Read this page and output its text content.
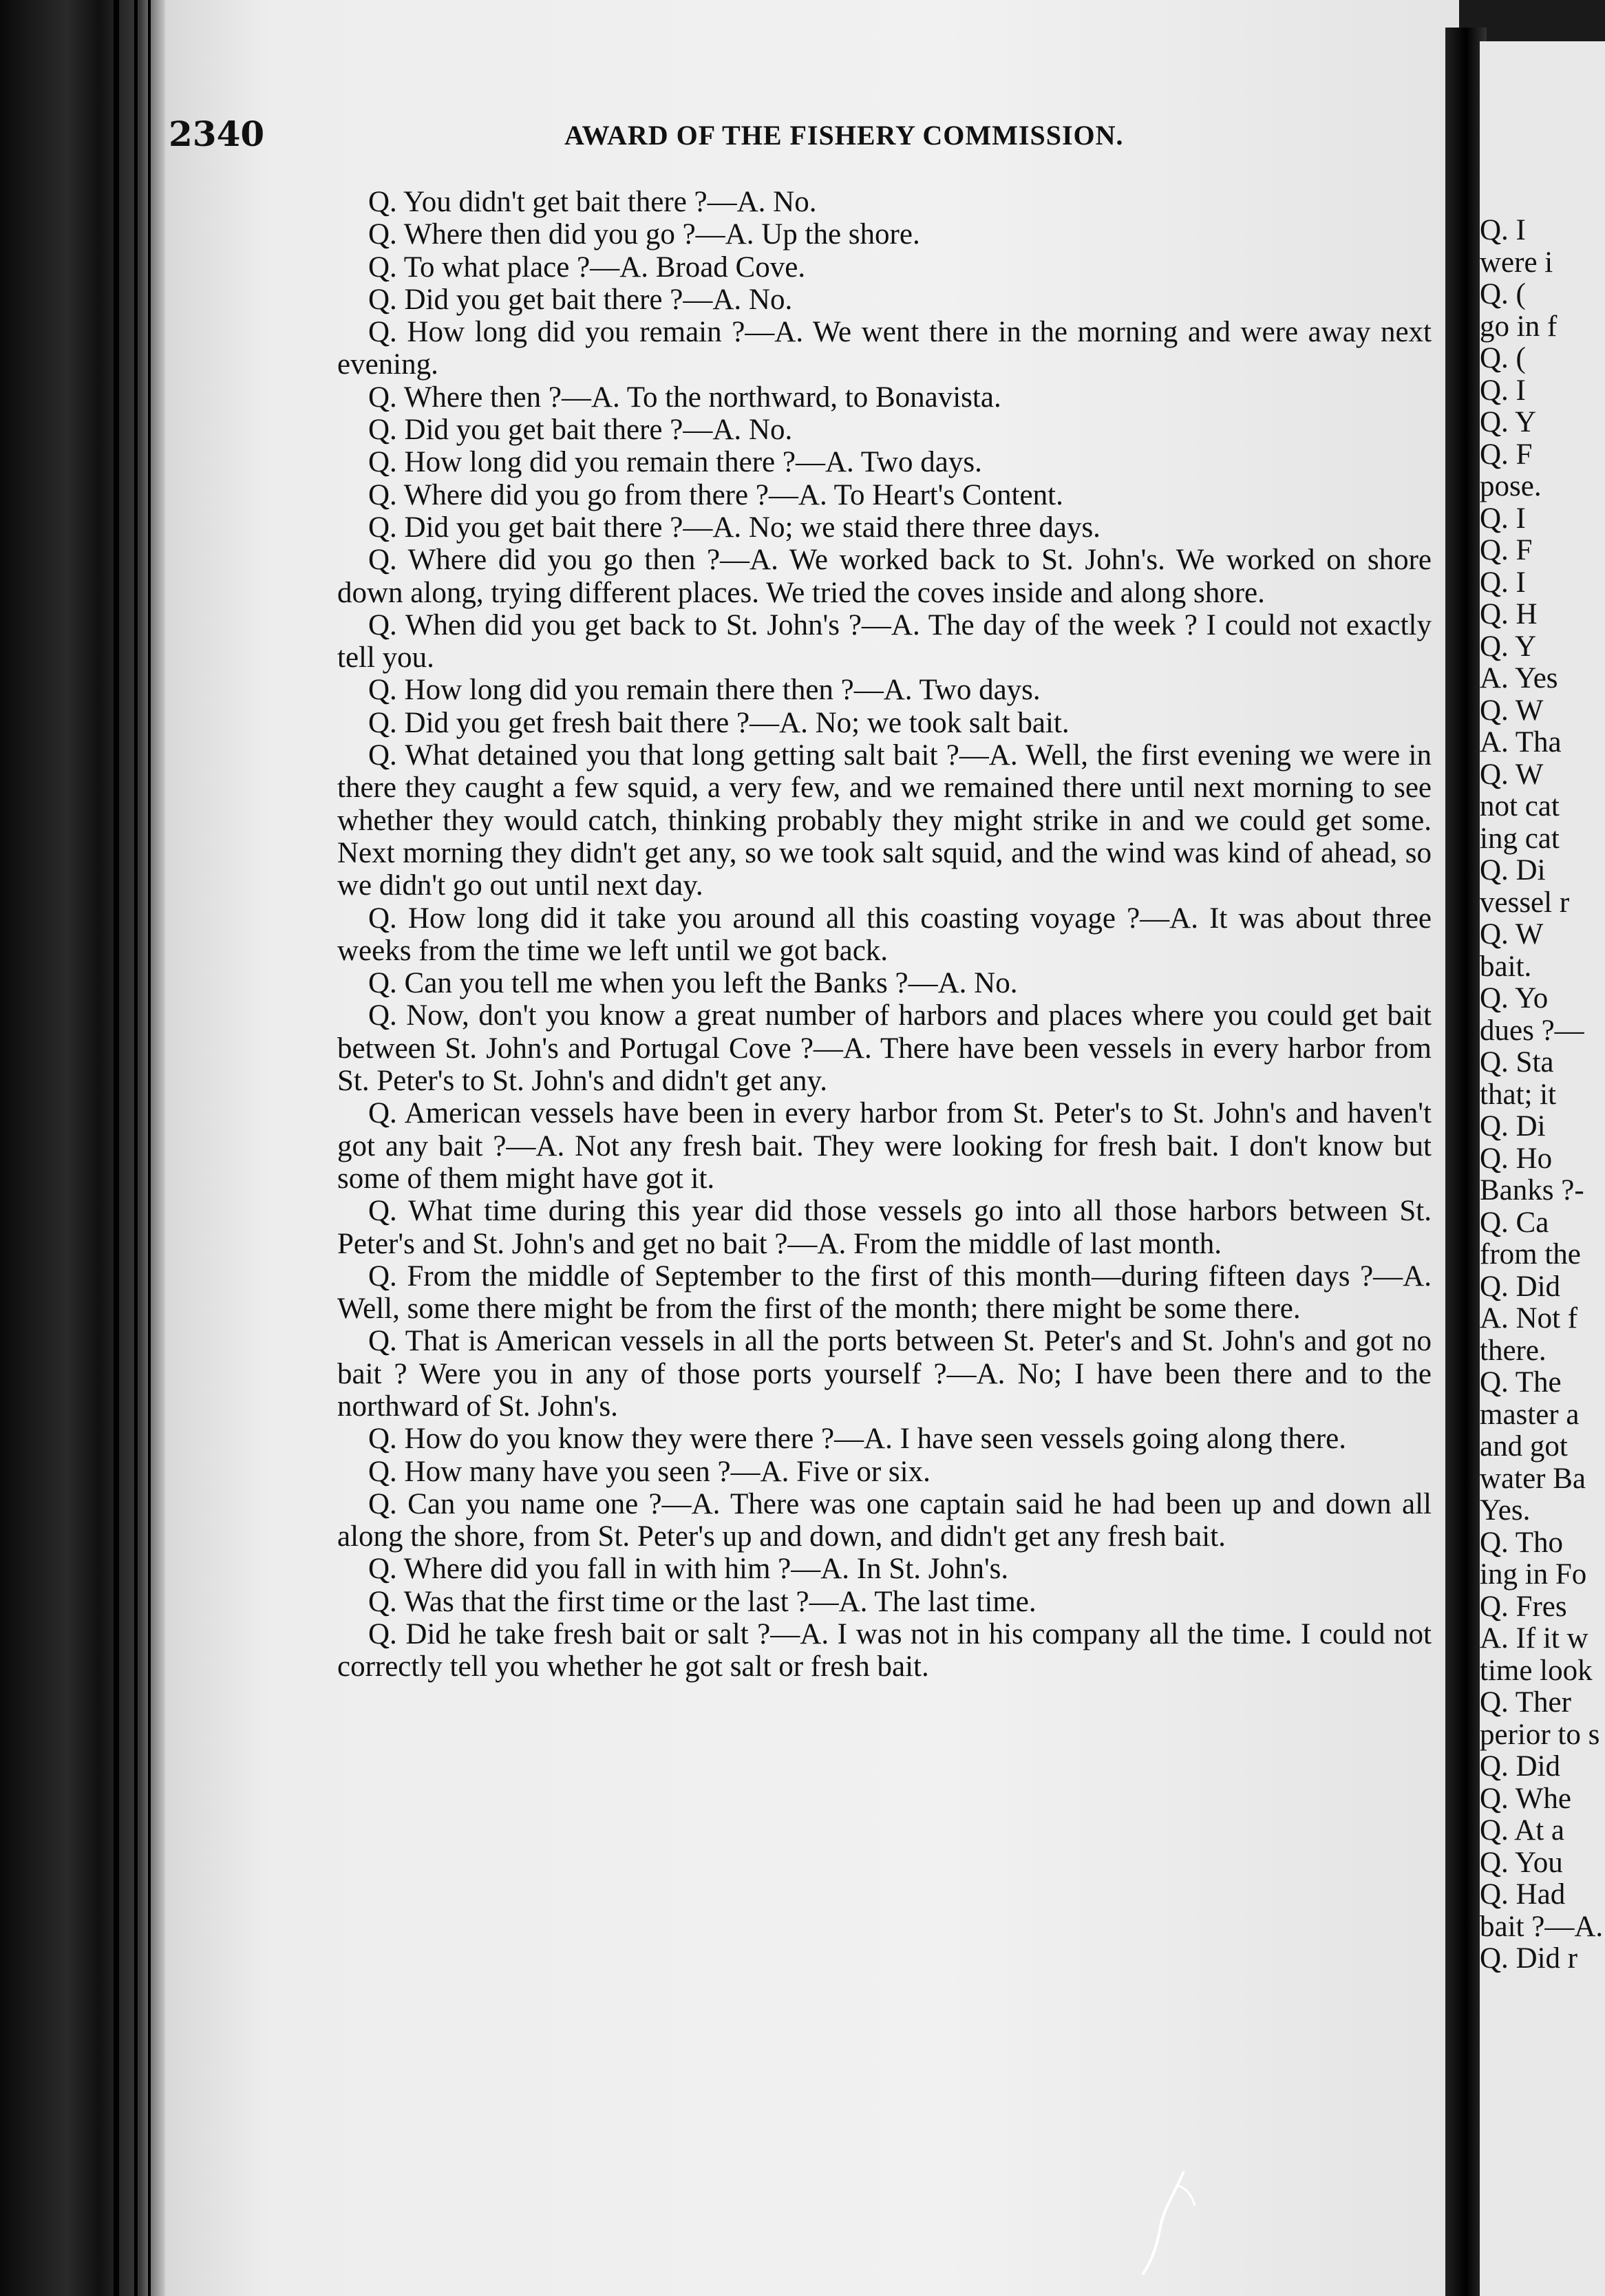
2340	AWARD OF THE FISHERY COMMISSION.

Q. You didn't get bait there ?—A. No.

Q. Where then did you go ?—A. Up the shore.

Q. To what place ?—A. Broad Cove.

Q. Did you get bait there ?—A. No.

Q. How long did you remain ?—A. We went there in the morning and were away next evening.

Q. Where then ?—A. To the northward, to Bonavista.

Q. Did you get bait there ?—A. No.

Q. How long did you remain there ?—A. Two days.

Q. Where did you go from there ?—A. To Heart's Content.

Q. Did you get bait there ?—A. No; we staid there three days.

Q. Where did you go then ?—A. We worked back to St. John's. We worked on shore down along, trying different places. We tried the coves inside and along shore.

Q. When did you get back to St. John's ?—A. The day of the week ? I could not exactly tell you.

Q. How long did you remain there then ?—A. Two days.

Q. Did you get fresh bait there ?—A. No; we took salt bait.

Q. What detained you that long getting salt bait ?—A. Well, the first evening we were in there they caught a few squid, a very few, and we remained there until next morning to see whether they would catch, thinking probably they might strike in and we could get some. Next morning they didn't get any, so we took salt squid, and the wind was kind of ahead, so we didn't go out until next day.

Q. How long did it take you around all this coasting voyage ?—A. It was about three weeks from the time we left until we got back.

Q. Can you tell me when you left the Banks ?—A. No.

Q. Now, don't you know a great number of harbors and places where you could get bait between St. John's and Portugal Cove ?—A. There have been vessels in every harbor from St. Peter's to St. John's and didn't get any.

Q. American vessels have been in every harbor from St. Peter's to St. John's and haven't got any bait ?—A. Not any fresh bait. They were looking for fresh bait. I don't know but some of them might have got it.

Q. What time during this year did those vessels go into all those harbors between St. Peter's and St. John's and get no bait ?—A. From the middle of last month.

Q. From the middle of September to the first of this month—during fifteen days ?—A. Well, some there might be from the first of the month; there might be some there.

Q. That is American vessels in all the ports between St. Peter's and St. John's and got no bait ? Were you in any of those ports yourself ?—A. No; I have been there and to the northward of St. John's.

Q. How do you know they were there ?—A. I have seen vessels going along there.

Q. How many have you seen ?—A. Five or six.

Q. Can you name one ?—A. There was one captain said he had been up and down all along the shore, from St. Peter's up and down, and didn't get any fresh bait.

Q. Where did you fall in with him ?—A. In St. John's.

Q. Was that the first time or the last ?—A. The last time.

Q. Did he take fresh bait or salt ?—A. I was not in his company all the time. I could not correctly tell you whether he got salt or fresh bait.

Q. I
were i
Q. (
go in f
Q. (
Q. I
Q. Y
Q. F
pose.
Q. I
Q. F
Q. I
Q. H
Q. Y
A. Yes
Q. W
A. Tha
Q. W
not cat
ing cat
Q. Di
vessel r
Q. W
bait.
Q. Yo
dues ?—
Q. Sta
that; it
Q. Di
Q. Ho
Banks ?-
Q. Ca
from the
Q. Did
A. Not f
there.
Q. The
master a
and got
water Ba
Yes.
Q. Tho
ing in Fo
Q. Fres
A. If it w
time look
Q. Ther
perior to s
Q. Did
Q. Whe
Q. At a
Q. You
Q. Had
bait ?—A.
Q. Did r
